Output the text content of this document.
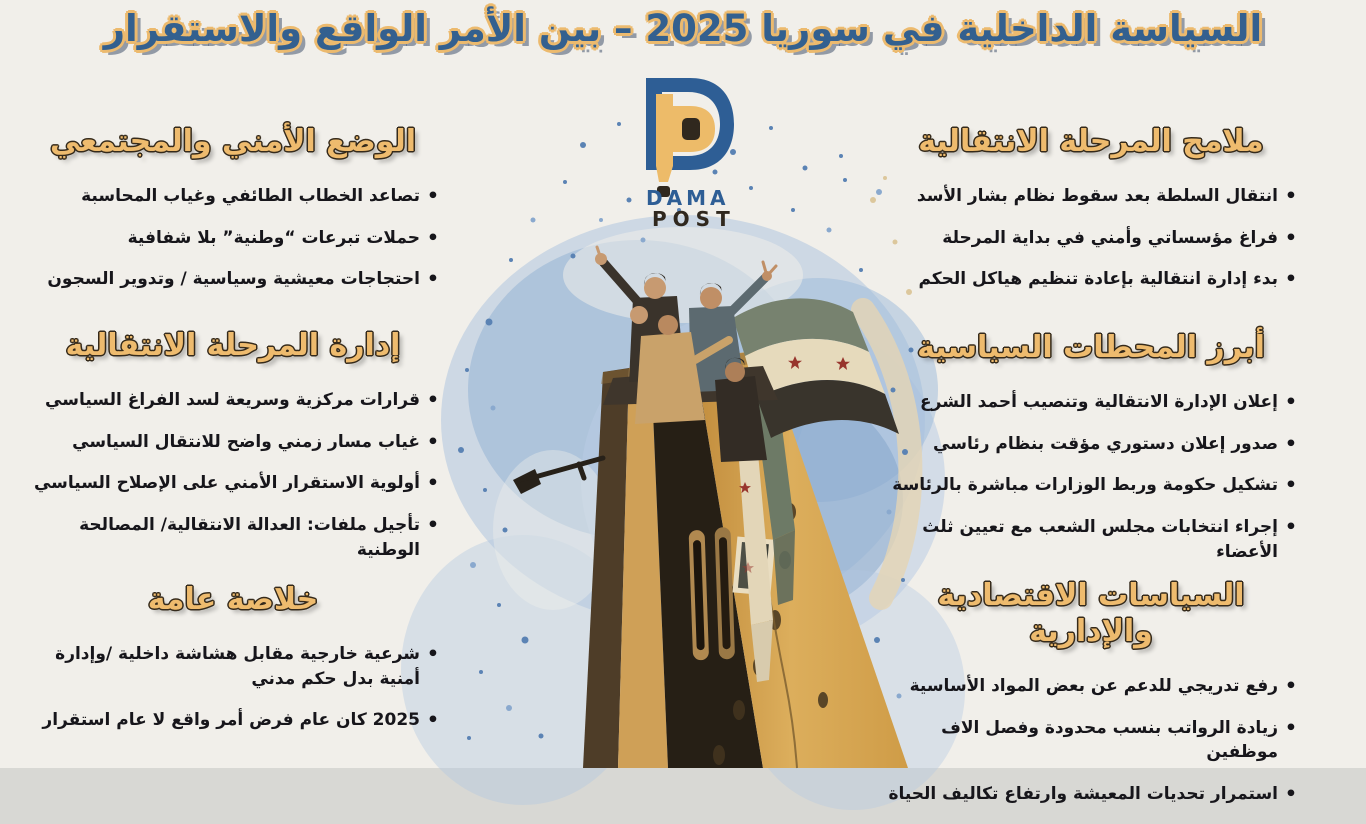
السياسة الداخلية في سوريا 2025 – بين الأمر الواقع والاستقرار
DAMA
POST
الوضع الأمني والمجتمعي
• تصاعد الخطاب الطائفي وغياب المحاسبة
• حملات تبرعات “وطنية” بلا شفافية
• احتجاجات معيشية وسياسية / وتدوير السجون
إدارة المرحلة الانتقالية
• قرارات مركزية وسريعة لسد الفراغ السياسي
• غياب مسار زمني واضح للانتقال السياسي
• أولوية الاستقرار الأمني على الإصلاح السياسي
• تأجيل ملفات: العدالة الانتقالية/ المصالحة الوطنية
خلاصة عامة
• شرعية خارجية مقابل هشاشة داخلية /وإدارة أمنية بدل حكم مدني
• 2025 كان عام فرض أمر واقع لا عام استقرار
ملامح المرحلة الانتقالية
• انتقال السلطة بعد سقوط نظام بشار الأسد
• فراغ مؤسساتي وأمني في بداية المرحلة
• بدء إدارة انتقالية بإعادة تنظيم هياكل الحكم
أبرز المحطات السياسية
• إعلان الإدارة الانتقالية وتنصيب أحمد الشرع
• صدور إعلان دستوري مؤقت بنظام رئاسي
• تشكيل حكومة وربط الوزارات مباشرة بالرئاسة
• إجراء انتخابات مجلس الشعب مع تعيين ثلث الأعضاء
السياسات الاقتصادية والإدارية
• رفع تدريجي للدعم عن بعض المواد الأساسية
• زيادة الرواتب بنسب محدودة وفصل الاف موظفين
• استمرار تحديات المعيشة وارتفاع تكاليف الحياة
